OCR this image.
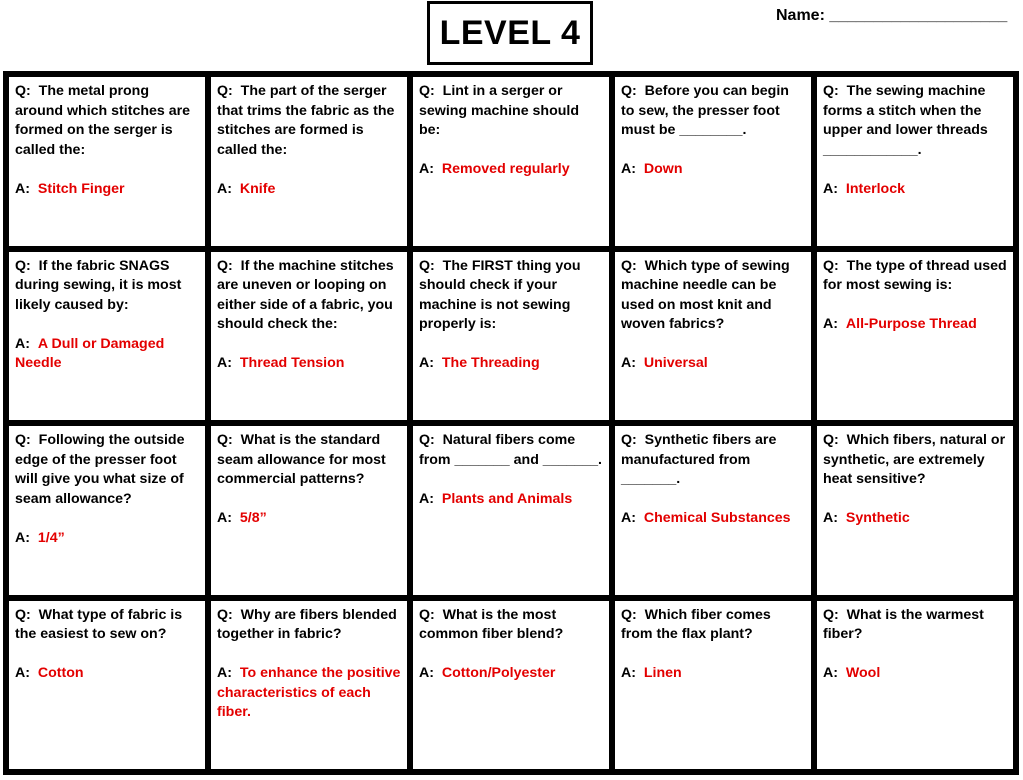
LEVEL 4	Name: ____________________

Q: The metal prong around which stitches are formed on the serger is called the:

A: Stitch Finger

Q: The part of the serger that trims the fabric as the stitches are formed is called the:

A: Knife

Q: Lint in a serger or sewing machine should be:

A: Removed regularly

Q: Before you can begin to sew, the presser foot must be ________.

A: Down

Q: The sewing machine forms a stitch when the upper and lower threads ____________.

A: Interlock

Q: If the fabric SNAGS during sewing, it is most likely caused by:

A: A Dull or Damaged Needle

Q: If the machine stitches are uneven or looping on either side of a fabric, you should check the:

A: Thread Tension

Q: The FIRST thing you should check if your machine is not sewing properly is:

A: The Threading

Q: Which type of sewing machine needle can be used on most knit and woven fabrics?

A: Universal

Q: The type of thread used for most sewing is:

A: All-Purpose Thread

Q: Following the outside edge of the presser foot will give you what size of seam allowance?

A: 1/4”

Q: What is the standard seam allowance for most commercial patterns?

A: 5/8”

Q: Natural fibers come from _______ and _______.

A: Plants and Animals

Q: Synthetic fibers are manufactured from _______.

A: Chemical Substances

Q: Which fibers, natural or synthetic, are extremely heat sensitive?

A: Synthetic

Q: What type of fabric is the easiest to sew on?

A: Cotton

Q: Why are fibers blended together in fabric?

A: To enhance the positive characteristics of each fiber.

Q: What is the most common fiber blend?

A: Cotton/Polyester

Q: Which fiber comes from the flax plant?

A: Linen

Q: What is the warmest fiber?

A: Wool
